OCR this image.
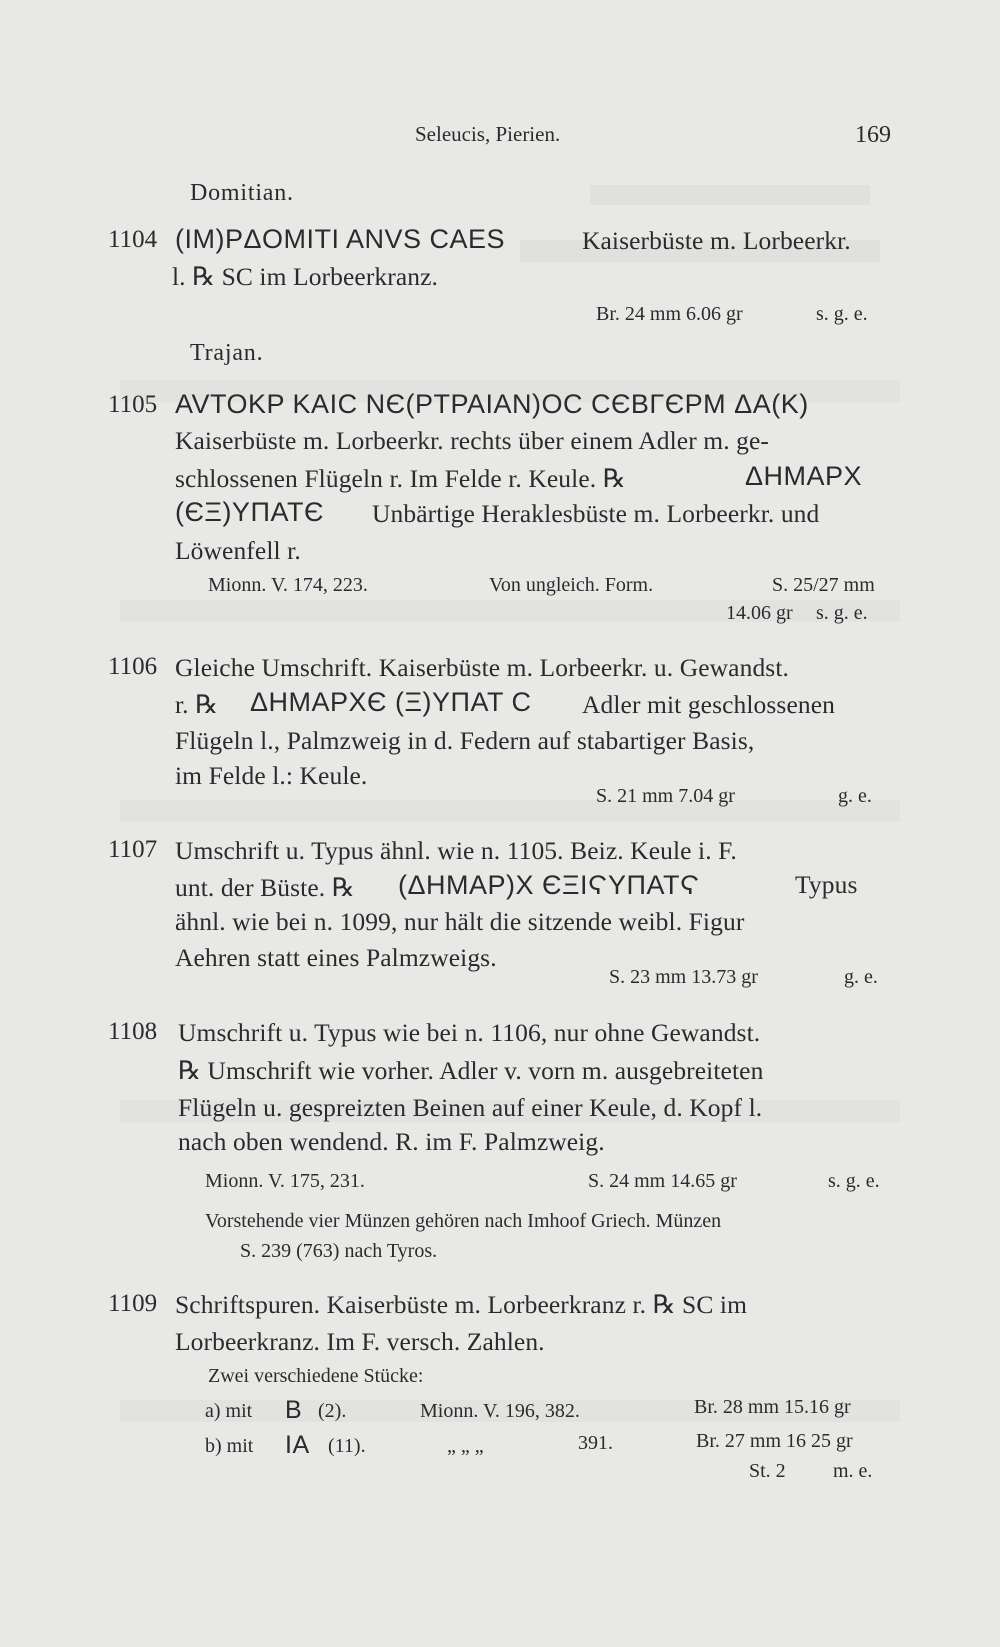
Seleucis, Pierien.	169
Domitian.
1104 (IM)PΔOMITI ANVS CAES	Kaiserbüste m. Lorbeerkr.
l. ℞ SC im Lorbeerkranz.
Br. 24 mm 6.06 gr	s. g. e.
Trajan.
1105 AVTOKP KAIC NЄ(PTPAIAN)OC CЄBΓЄPM ΔA(K)
Kaiserbüste m. Lorbeerkr. rechts über einem Adler m. ge-
schlossenen Flügeln r. Im Felde r. Keule. ℞	ΔHMAPX
(ЄΞ)YΠATЄ Unbärtige Heraklesbüste m. Lorbeerkr. und
Löwenfell r.
Mionn. V. 174, 223.	Von ungleich. Form.	S. 25/27 mm
14.06 gr s. g. e.
1106 Gleiche Umschrift. Kaiserbüste m. Lorbeerkr. u. Gewandst.
r. ℞ ΔHMAPXЄ (Ξ)YΠAT C Adler mit geschlossenen
Flügeln l., Palmzweig in d. Federn auf stabartiger Basis,
im Felde l.: Keule.
S. 21 mm 7.04 gr	g. e.
1107 Umschrift u. Typus ähnl. wie n. 1105. Beiz. Keule i. F.
unt. der Büste. ℞ (ΔHMAP)X ЄΞIϚYΠATϚ	Typus
ähnl. wie bei n. 1099, nur hält die sitzende weibl. Figur
Aehren statt eines Palmzweigs.
S. 23 mm 13.73 gr	g. e.
1108 Umschrift u. Typus wie bei n. 1106, nur ohne Gewandst.
℞ Umschrift wie vorher. Adler v. vorn m. ausgebreiteten
Flügeln u. gespreizten Beinen auf einer Keule, d. Kopf l.
nach oben wendend. R. im F. Palmzweig.
Mionn. V. 175, 231.	S. 24 mm 14.65 gr	s. g. e.
Vorstehende vier Münzen gehören nach Imhoof Griech. Münzen
S. 239 (763) nach Tyros.
1109 Schriftspuren. Kaiserbüste m. Lorbeerkranz r. ℞ SC im
Lorbeerkranz. Im F. versch. Zahlen.
Zwei verschiedene Stücke:
a) mit B (2).	Mionn. V. 196, 382.	Br. 28 mm 15.16 gr
b) mit IA (11).	„ „ „	391.	Br. 27 mm 16 25 gr
St. 2 m. e.
